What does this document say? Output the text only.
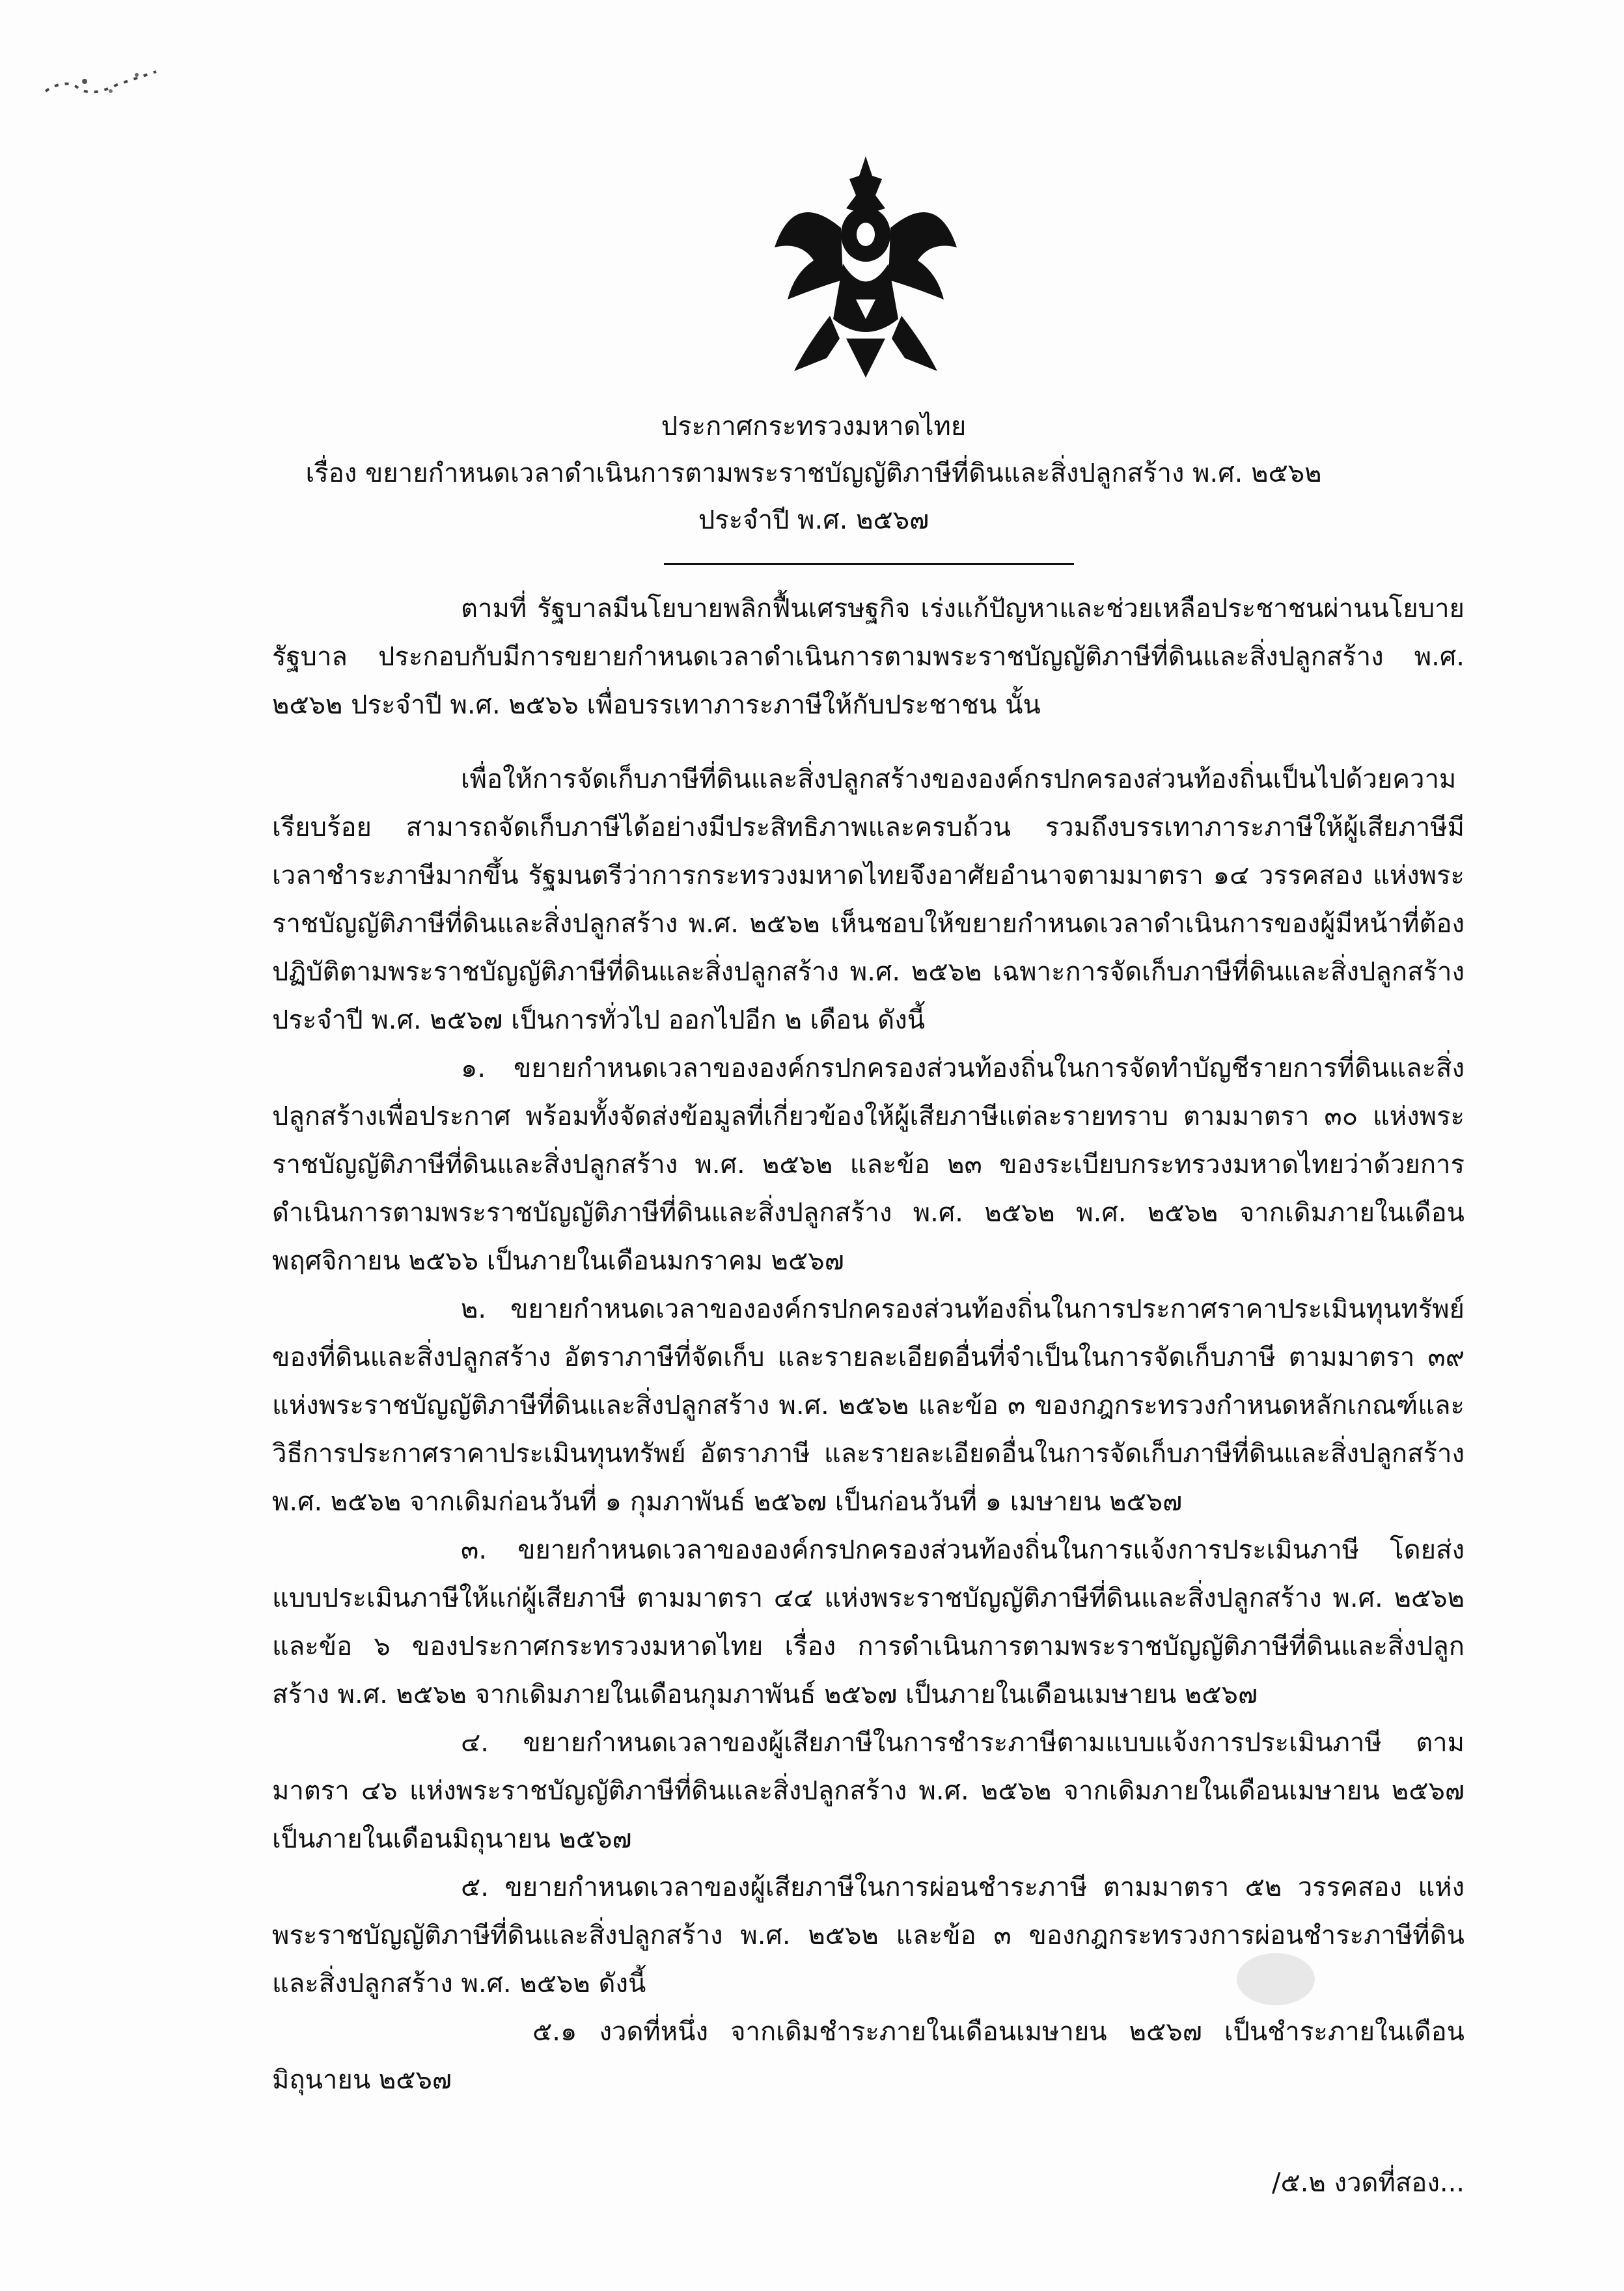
ประกาศกระทรวงมหาดไทย
เรื่อง ขยายกำหนดเวลาดำเนินการตามพระราชบัญญัติภาษีที่ดินและสิ่งปลูกสร้าง พ.ศ. ๒๕๖๒
ประจำปี พ.ศ. ๒๕๖๗

ตามที่ รัฐบาลมีนโยบายพลิกฟื้นเศรษฐกิจ เร่งแก้ปัญหาและช่วยเหลือประชาชนผ่านนโยบายรัฐบาล ประกอบกับมีการขยายกำหนดเวลาดำเนินการตามพระราชบัญญัติภาษีที่ดินและสิ่งปลูกสร้าง พ.ศ. ๒๕๖๒ ประจำปี พ.ศ. ๒๕๖๖ เพื่อบรรเทาภาระภาษีให้กับประชาชน นั้น

เพื่อให้การจัดเก็บภาษีที่ดินและสิ่งปลูกสร้างขององค์กรปกครองส่วนท้องถิ่นเป็นไปด้วยความเรียบร้อย สามารถจัดเก็บภาษีได้อย่างมีประสิทธิภาพและครบถ้วน รวมถึงบรรเทาภาระภาษีให้ผู้เสียภาษีมีเวลาชำระภาษีมากขึ้น รัฐมนตรีว่าการกระทรวงมหาดไทยจึงอาศัยอำนาจตามมาตรา ๑๔ วรรคสอง แห่งพระราชบัญญัติภาษีที่ดินและสิ่งปลูกสร้าง พ.ศ. ๒๕๖๒ เห็นชอบให้ขยายกำหนดเวลาดำเนินการของผู้มีหน้าที่ต้องปฏิบัติตามพระราชบัญญัติภาษีที่ดินและสิ่งปลูกสร้าง พ.ศ. ๒๕๖๒ เฉพาะการจัดเก็บภาษีที่ดินและสิ่งปลูกสร้าง ประจำปี พ.ศ. ๒๕๖๗ เป็นการทั่วไป ออกไปอีก ๒ เดือน ดังนี้

๑. ขยายกำหนดเวลาขององค์กรปกครองส่วนท้องถิ่นในการจัดทำบัญชีรายการที่ดินและสิ่งปลูกสร้างเพื่อประกาศ พร้อมทั้งจัดส่งข้อมูลที่เกี่ยวข้องให้ผู้เสียภาษีแต่ละรายทราบ ตามมาตรา ๓๐ แห่งพระราชบัญญัติภาษีที่ดินและสิ่งปลูกสร้าง พ.ศ. ๒๕๖๒ และข้อ ๒๓ ของระเบียบกระทรวงมหาดไทยว่าด้วยการดำเนินการตามพระราชบัญญัติภาษีที่ดินและสิ่งปลูกสร้าง พ.ศ. ๒๕๖๒ พ.ศ. ๒๕๖๒ จากเดิมภายในเดือนพฤศจิกายน ๒๕๖๖ เป็นภายในเดือนมกราคม ๒๕๖๗

๒. ขยายกำหนดเวลาขององค์กรปกครองส่วนท้องถิ่นในการประกาศราคาประเมินทุนทรัพย์ของที่ดินและสิ่งปลูกสร้าง อัตราภาษีที่จัดเก็บ และรายละเอียดอื่นที่จำเป็นในการจัดเก็บภาษี ตามมาตรา ๓๙ แห่งพระราชบัญญัติภาษีที่ดินและสิ่งปลูกสร้าง พ.ศ. ๒๕๖๒ และข้อ ๓ ของกฎกระทรวงกำหนดหลักเกณฑ์และวิธีการประกาศราคาประเมินทุนทรัพย์ อัตราภาษี และรายละเอียดอื่นในการจัดเก็บภาษีที่ดินและสิ่งปลูกสร้าง พ.ศ. ๒๕๖๒ จากเดิมก่อนวันที่ ๑ กุมภาพันธ์ ๒๕๖๗ เป็นก่อนวันที่ ๑ เมษายน ๒๕๖๗

๓. ขยายกำหนดเวลาขององค์กรปกครองส่วนท้องถิ่นในการแจ้งการประเมินภาษี โดยส่งแบบประเมินภาษีให้แก่ผู้เสียภาษี ตามมาตรา ๔๔ แห่งพระราชบัญญัติภาษีที่ดินและสิ่งปลูกสร้าง พ.ศ. ๒๕๖๒ และข้อ ๖ ของประกาศกระทรวงมหาดไทย เรื่อง การดำเนินการตามพระราชบัญญัติภาษีที่ดินและสิ่งปลูกสร้าง พ.ศ. ๒๕๖๒ จากเดิมภายในเดือนกุมภาพันธ์ ๒๕๖๗ เป็นภายในเดือนเมษายน ๒๕๖๗

๔. ขยายกำหนดเวลาของผู้เสียภาษีในการชำระภาษีตามแบบแจ้งการประเมินภาษี ตามมาตรา ๔๖ แห่งพระราชบัญญัติภาษีที่ดินและสิ่งปลูกสร้าง พ.ศ. ๒๕๖๒ จากเดิมภายในเดือนเมษายน ๒๕๖๗ เป็นภายในเดือนมิถุนายน ๒๕๖๗

๕. ขยายกำหนดเวลาของผู้เสียภาษีในการผ่อนชำระภาษี ตามมาตรา ๕๒ วรรคสอง แห่งพระราชบัญญัติภาษีที่ดินและสิ่งปลูกสร้าง พ.ศ. ๒๕๖๒ และข้อ ๓ ของกฎกระทรวงการผ่อนชำระภาษีที่ดินและสิ่งปลูกสร้าง พ.ศ. ๒๕๖๒ ดังนี้

๕.๑ งวดที่หนึ่ง จากเดิมชำระภายในเดือนเมษายน ๒๕๖๗ เป็นชำระภายในเดือนมิถุนายน ๒๕๖๗

/๕.๒ งวดที่สอง...
